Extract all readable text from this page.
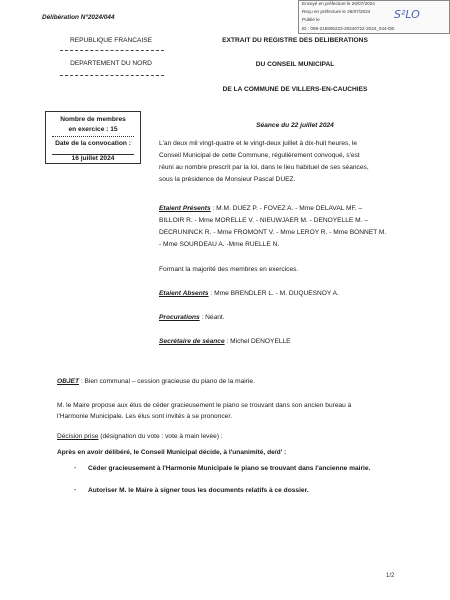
Délibération N°2024/044
Envoyé en préfecture le 26/07/2024
Reçu en préfecture le 26/07/2024
Publié le
ID : 059-215906223-20240722-2024_044-DE
S²LO
REPUBLIQUE FRANCAISE
DEPARTEMENT DU NORD
Nombre de membres
en exercice : 15
Date de la convocation :
16 juillet 2024
EXTRAIT DU REGISTRE DES DELIBERATIONS
DU CONSEIL MUNICIPAL
DE LA COMMUNE DE VILLERS-EN-CAUCHIES
Séance du 22 juillet 2024
L'an deux mil vingt-quatre et le vingt-deux juillet à dix-huit heures, le
Conseil Municipal de cette Commune, régulièrement convoqué, s'est
réuni au nombre prescrit par la loi, dans le lieu habituel de ses séances,
sous la présidence de Monsieur Pascal DUEZ.
Etaient Présents : M.M. DUEZ P. - FOVEZ A. - Mme DELAVAL MF. –
BILLOIR R. - Mme MORELLE V. - NIEUWJAER M. - DENOYELLE M. –
DECRUNINCK R. - Mme FROMONT V. - Mme LEROY R. - Mme BONNET M.
- Mme SOURDEAU A. -Mme RUELLE N.
Formant la majorité des membres en exercices.
Etaient Absents : Mme BRENDLER L. - M. DUQUESNOY A.
Procurations : Néant.
Secrétaire de séance : Michel DENOYELLE
OBJET : Bien communal – cession gracieuse du piano de la mairie.
M. le Maire propose aux élus de céder gracieusement le piano se trouvant dans son ancien bureau à
l'Harmonie Municipale. Les élus sont invités à se prononcer.
Décision prise (désignation du vote : vote à main levée) :
Après en avoir délibéré, le Conseil Municipal décide, à l'unanimité, de/d' :
- Céder gracieusement à l'Harmonie Municipale le piano se trouvant dans l'ancienne mairie.
- Autoriser M. le Maire à signer tous les documents relatifs à ce dossier.
1/2
